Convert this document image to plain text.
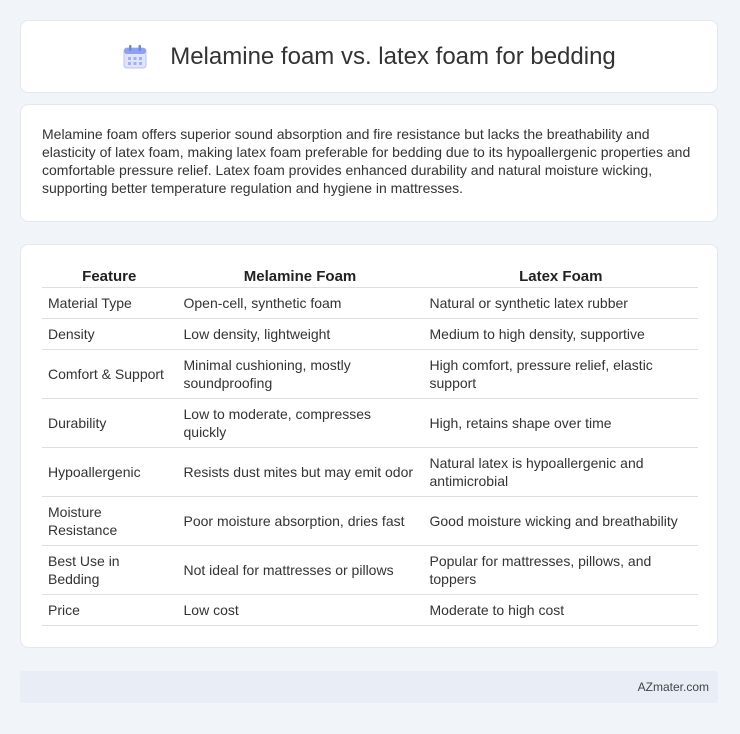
Melamine foam vs. latex foam for bedding

Melamine foam offers superior sound absorption and fire resistance but lacks the breathability and elasticity of latex foam, making latex foam preferable for bedding due to its hypoallergenic properties and comfortable pressure relief. Latex foam provides enhanced durability and natural moisture wicking, supporting better temperature regulation and hygiene in mattresses.

Feature	Melamine Foam	Latex Foam
Material Type	Open-cell, synthetic foam	Natural or synthetic latex rubber
Density	Low density, lightweight	Medium to high density, supportive
Comfort & Support	Minimal cushioning, mostly soundproofing	High comfort, pressure relief, elastic support
Durability	Low to moderate, compresses quickly	High, retains shape over time
Hypoallergenic	Resists dust mites but may emit odor	Natural latex is hypoallergenic and antimicrobial
Moisture Resistance	Poor moisture absorption, dries fast	Good moisture wicking and breathability
Best Use in Bedding	Not ideal for mattresses or pillows	Popular for mattresses, pillows, and toppers
Price	Low cost	Moderate to high cost
AZmater.com
